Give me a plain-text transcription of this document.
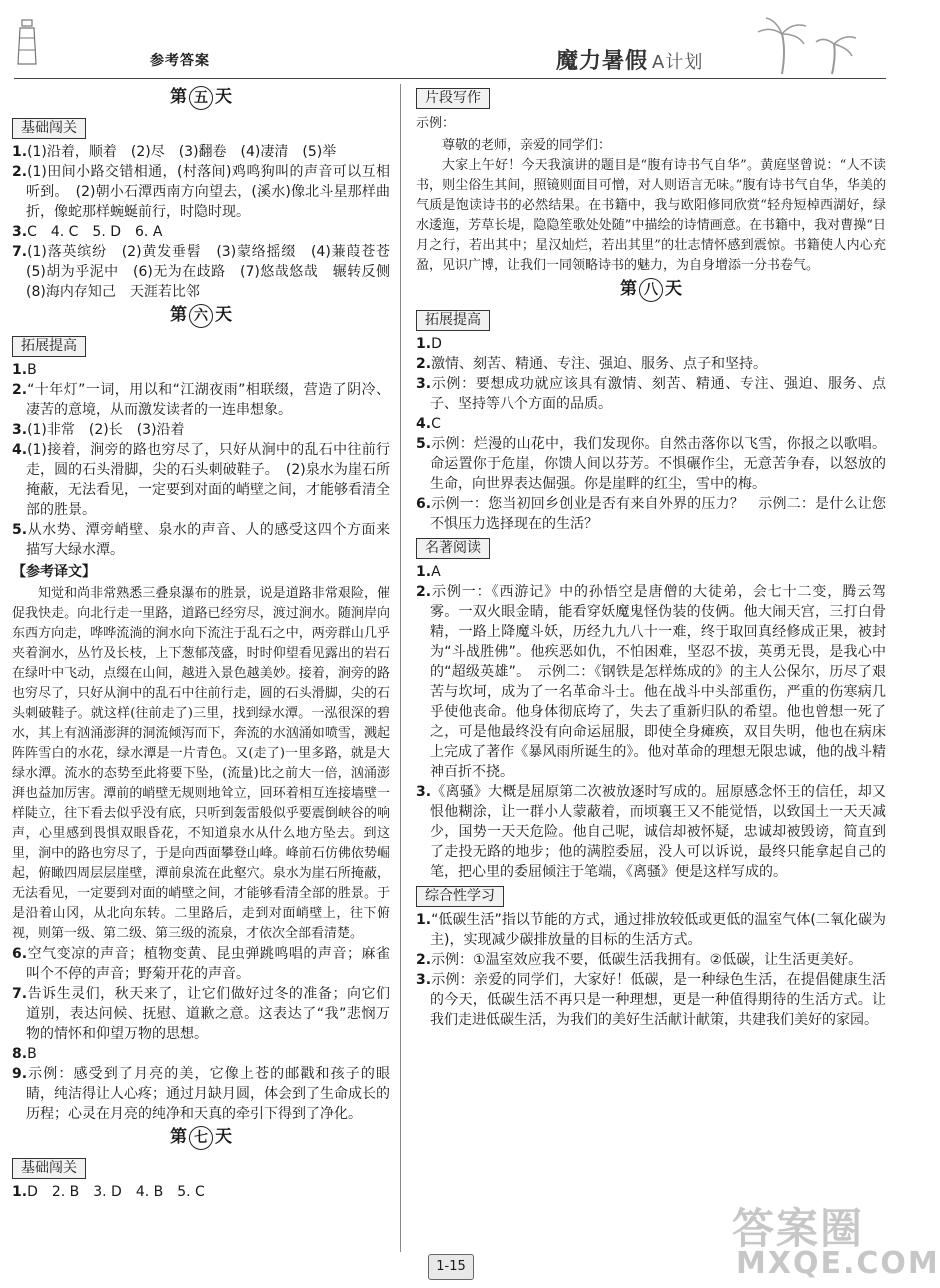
参考答案	魔力暑假 A计划
第 五 天
基础闯关
1.(1)沿着，顺着　(2)尽　(3)翻卷　(4)凄清　(5)举
2.(1)田间小路交错相通，(村落间)鸡鸣狗叫的声音可以互相听到。　(2)朝小石潭西南方向望去，(溪水)像北斗星那样曲折，像蛇那样蜿蜒前行，时隐时现。
3.C　4. C　5. D　6. A
7.(1)落英缤纷　(2)黄发垂髫　(3)蒙络摇缀　(4)蒹葭苍苍　(5)胡为乎泥中　(6)无为在歧路　(7)悠哉悠哉　辗转反侧　(8)海内存知己　天涯若比邻
第 六 天
拓展提高
1.B
2.“十年灯”一词，用以和“江湖夜雨”相联缀，营造了阴冷、凄苦的意境，从而激发读者的一连串想象。
3.(1)非常　(2)长　(3)沿着
4.(1)接着，涧旁的路也穷尽了，只好从涧中的乱石中往前行走，圆的石头滑脚，尖的石头刺破鞋子。　(2)泉水为崖石所掩蔽，无法看见，一定要到对面的峭壁之间，才能够看清全部的胜景。
5.从水势、潭旁峭壁、泉水的声音、人的感受这四个方面来描写大绿水潭。
【参考译文】
知觉和尚非常熟悉三叠泉瀑布的胜景，说是道路非常艰险，催促我快走。向北行走一里路，道路已经穷尽，渡过涧水。随涧岸向东西方向走，哗哗流淌的涧水向下流注于乱石之中，两旁群山几乎夹着涧水，丛竹及长枝，上下葱郁茂盛，时时仰望看见露出的岩石在绿叶中飞动，点缀在山间，越进入景色越美妙。接着，涧旁的路也穷尽了，只好从涧中的乱石中往前行走，圆的石头滑脚，尖的石头刺破鞋子。就这样(往前走了)三里，找到绿水潭。一泓很深的碧水，其上有汹涌澎湃的洞流倾泻而下，奔流的水汹涌如喷雪，溅起阵阵雪白的水花，绿水潭是一片青色。又(走了)一里多路，就是大绿水潭。流水的态势至此将要下坠，(流量)比之前大一倍，汹涌澎湃也益加厉害。潭前的峭壁无规则地耸立，回环着相互连接墙壁一样陡立，往下看去似乎没有底，只听到轰雷般似乎要震倒峡谷的响声，心里感到畏惧双眼昏花，不知道泉水从什么地方坠去。到这里，涧中的路也穷尽了，于是向西面攀登山峰。峰前石仿佛依势崛起，俯瞰四周层层崖壁，潭前泉流在此壑穴。泉水为崖石所掩蔽，无法看见，一定要到对面的峭壁之间，才能够看清全部的胜景。于是沿着山冈，从北向东转。二里路后，走到对面峭壁上，往下俯视，则第一级、第二级、第三级的流泉，才依次全部看清楚。
6.空气变凉的声音；植物变黄、昆虫弹跳鸣唱的声音；麻雀叫个不停的声音；野菊开花的声音。
7.告诉生灵们，秋天来了，让它们做好过冬的准备；向它们道别，表达问候、抚慰、道歉之意。这表达了“我”悲悯万物的情怀和仰望万物的思想。
8.B
9.示例：感受到了月亮的美，它像上苍的邮戳和孩子的眼睛，纯洁得让人心疼；通过月缺月圆，体会到了生命成长的历程；心灵在月亮的纯净和天真的牵引下得到了净化。
第 七 天
基础闯关
1.D　2. B　3. D　4. B　5. C
片段写作
示例：
尊敬的老师，亲爱的同学们：
大家上午好！今天我演讲的题目是“腹有诗书气自华”。黄庭坚曾说：“人不读书，则尘俗生其间，照镜则面目可憎，对人则语言无味。”腹有诗书气自华，华美的气质是饱读诗书的必然结果。在书籍中，我与欧阳修同欣赏“轻舟短棹西湖好，绿水逶迤，芳草长堤，隐隐笙歌处处随”中描绘的诗情画意。在书籍中，我对曹操“日月之行，若出其中；星汉灿烂，若出其里”的壮志情怀感到震惊。书籍使人内心充盈，见识广博，让我们一同领略诗书的魅力，为自身增添一分书卷气。
第 八 天
拓展提高
1.D
2.激情、刻苦、精通、专注、强迫、服务、点子和坚持。
3.示例：要想成功就应该具有激情、刻苦、精通、专注、强迫、服务、点子、坚持等八个方面的品质。
4.C
5.示例：烂漫的山花中，我们发现你。自然击落你以飞雪，你报之以歌唱。命运置你于危崖，你馈人间以芬芳。不惧碾作尘，无意苦争春，以怒放的生命，向世界表达倔强。你是崖畔的红尘，雪中的梅。
6.示例一：您当初回乡创业是否有来自外界的压力？　示例二：是什么让您不惧压力选择现在的生活？
名著阅读
1.A
2.示例一：《西游记》中的孙悟空是唐僧的大徒弟，会七十二变，腾云驾雾。一双火眼金睛，能看穿妖魔鬼怪伪装的伎俩。他大闹天宫，三打白骨精，一路上降魔斗妖，历经九九八十一难，终于取回真经修成正果，被封为“斗战胜佛”。他疾恶如仇，不怕困难，坚忍不拔，英勇无畏，是我心中的“超级英雄”。　示例二：《钢铁是怎样炼成的》的主人公保尔，历尽了艰苦与坎坷，成为了一名革命斗士。他在战斗中头部重伤，严重的伤寒病几乎使他丧命。他身体彻底垮了，失去了重新归队的希望。他也曾想一死了之，可是他最终没有向命运屈服，即使全身瘫痪，双目失明，他也在病床上完成了著作《暴风雨所诞生的》。他对革命的理想无限忠诚，他的战斗精神百折不挠。
3.《离骚》大概是屈原第二次被放逐时写成的。屈原感念怀王的信任，却又恨他糊涂，让一群小人蒙蔽着，而顷襄王又不能觉悟，以致国土一天天减少，国势一天天危险。他自己呢，诚信却被怀疑，忠诚却被毁谤，简直到了走投无路的地步；他的满腔委屈，没人可以诉说，最终只能拿起自己的笔，把心里的委屈倾注于笔端，《离骚》便是这样写成的。
综合性学习
1.“低碳生活”指以节能的方式，通过排放较低或更低的温室气体(二氧化碳为主)，实现减少碳排放量的目标的生活方式。
2.示例：①温室效应我不要，低碳生活我拥有。②低碳，让生活更美好。
3.示例：亲爱的同学们，大家好！低碳，是一种绿色生活，在提倡健康生活的今天，低碳生活不再只是一种理想，更是一种值得期待的生活方式。让我们走进低碳生活，为我们的美好生活献计献策，共建我们美好的家园。
1-15
答案圈
MXQE.COM
